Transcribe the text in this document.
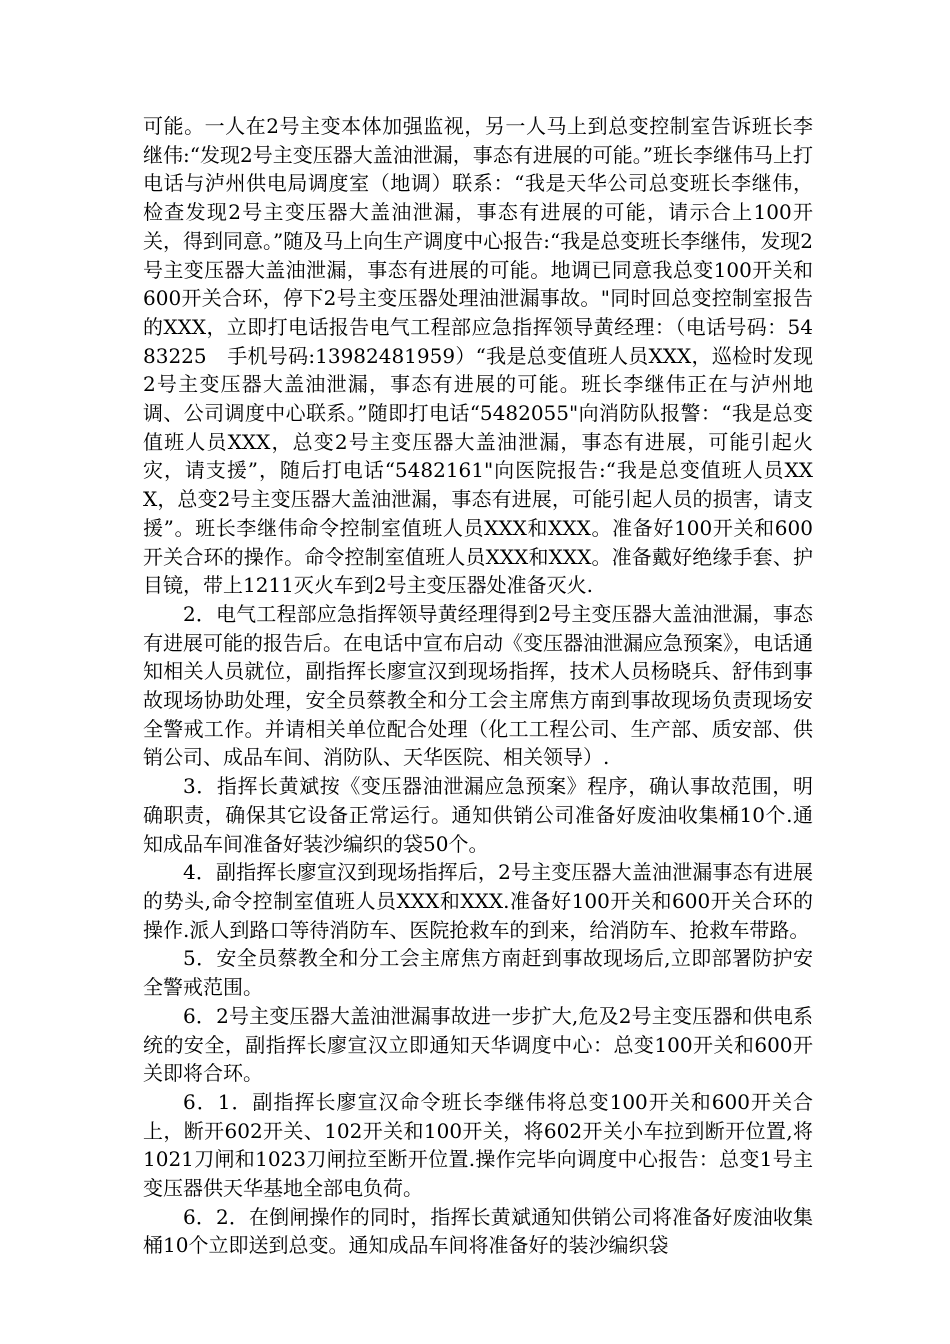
可能。一人在2号主变本体加强监视，另一人马上到总变控制室告诉班长李继伟:“发现2号主变压器大盖油泄漏，事态有进展的可能。”班长李继伟马上打电话与泸州供电局调度室（地调）联系：“我是天华公司总变班长李继伟，检查发现2号主变压器大盖油泄漏，事态有进展的可能，请示合上100开关，得到同意。”随及马上向生产调度中心报告:“我是总变班长李继伟，发现2号主变压器大盖油泄漏，事态有进展的可能。地调已同意我总变100开关和600开关合环，停下2号主变压器处理油泄漏事故。"同时回总变控制室报告的XXX，立即打电话报告电气工程部应急指挥领导黄经理：（电话号码：5483225　手机号码:13982481959）“我是总变值班人员XXX，巡检时发现2号主变压器大盖油泄漏，事态有进展的可能。班长李继伟正在与泸州地调、公司调度中心联系。”随即打电话“5482055"向消防队报警：“我是总变值班人员XXX，总变2号主变压器大盖油泄漏，事态有进展，可能引起火灾，请支援”，随后打电话“5482161"向医院报告:“我是总变值班人员XXX，总变2号主变压器大盖油泄漏，事态有进展，可能引起人员的损害，请支援”。班长李继伟命令控制室值班人员XXX和XXX。准备好100开关和600开关合环的操作。命令控制室值班人员XXX和XXX。准备戴好绝缘手套、护目镜，带上1211灭火车到2号主变压器处准备灭火.

2．电气工程部应急指挥领导黄经理得到2号主变压器大盖油泄漏，事态有进展可能的报告后。在电话中宣布启动《变压器油泄漏应急预案》，电话通知相关人员就位，副指挥长廖宣汉到现场指挥，技术人员杨晓兵、舒伟到事故现场协助处理，安全员蔡教全和分工会主席焦方南到事故现场负责现场安全警戒工作。并请相关单位配合处理（化工工程公司、生产部、质安部、供销公司、成品车间、消防队、天华医院、相关领导）.

3．指挥长黄斌按《变压器油泄漏应急预案》程序，确认事故范围，明确职责，确保其它设备正常运行。通知供销公司准备好废油收集桶10个.通知成品车间准备好装沙编织的袋50个。

4．副指挥长廖宣汉到现场指挥后，2号主变压器大盖油泄漏事态有进展的势头,命令控制室值班人员XXX和XXX.准备好100开关和600开关合环的操作.派人到路口等待消防车、医院抢救车的到来，给消防车、抢救车带路。

5．安全员蔡教全和分工会主席焦方南赶到事故现场后,立即部署防护安全警戒范围。

6．2号主变压器大盖油泄漏事故进一步扩大,危及2号主变压器和供电系统的安全，副指挥长廖宣汉立即通知天华调度中心：总变100开关和600开关即将合环。

6．1．副指挥长廖宣汉命令班长李继伟将总变100开关和600开关合上，断开602开关、102开关和100开关，将602开关小车拉到断开位置,将1021刀闸和1023刀闸拉至断开位置.操作完毕向调度中心报告：总变1号主变压器供天华基地全部电负荷。

6．2．在倒闸操作的同时，指挥长黄斌通知供销公司将准备好废油收集桶10个立即送到总变。通知成品车间将准备好的装沙编织袋
